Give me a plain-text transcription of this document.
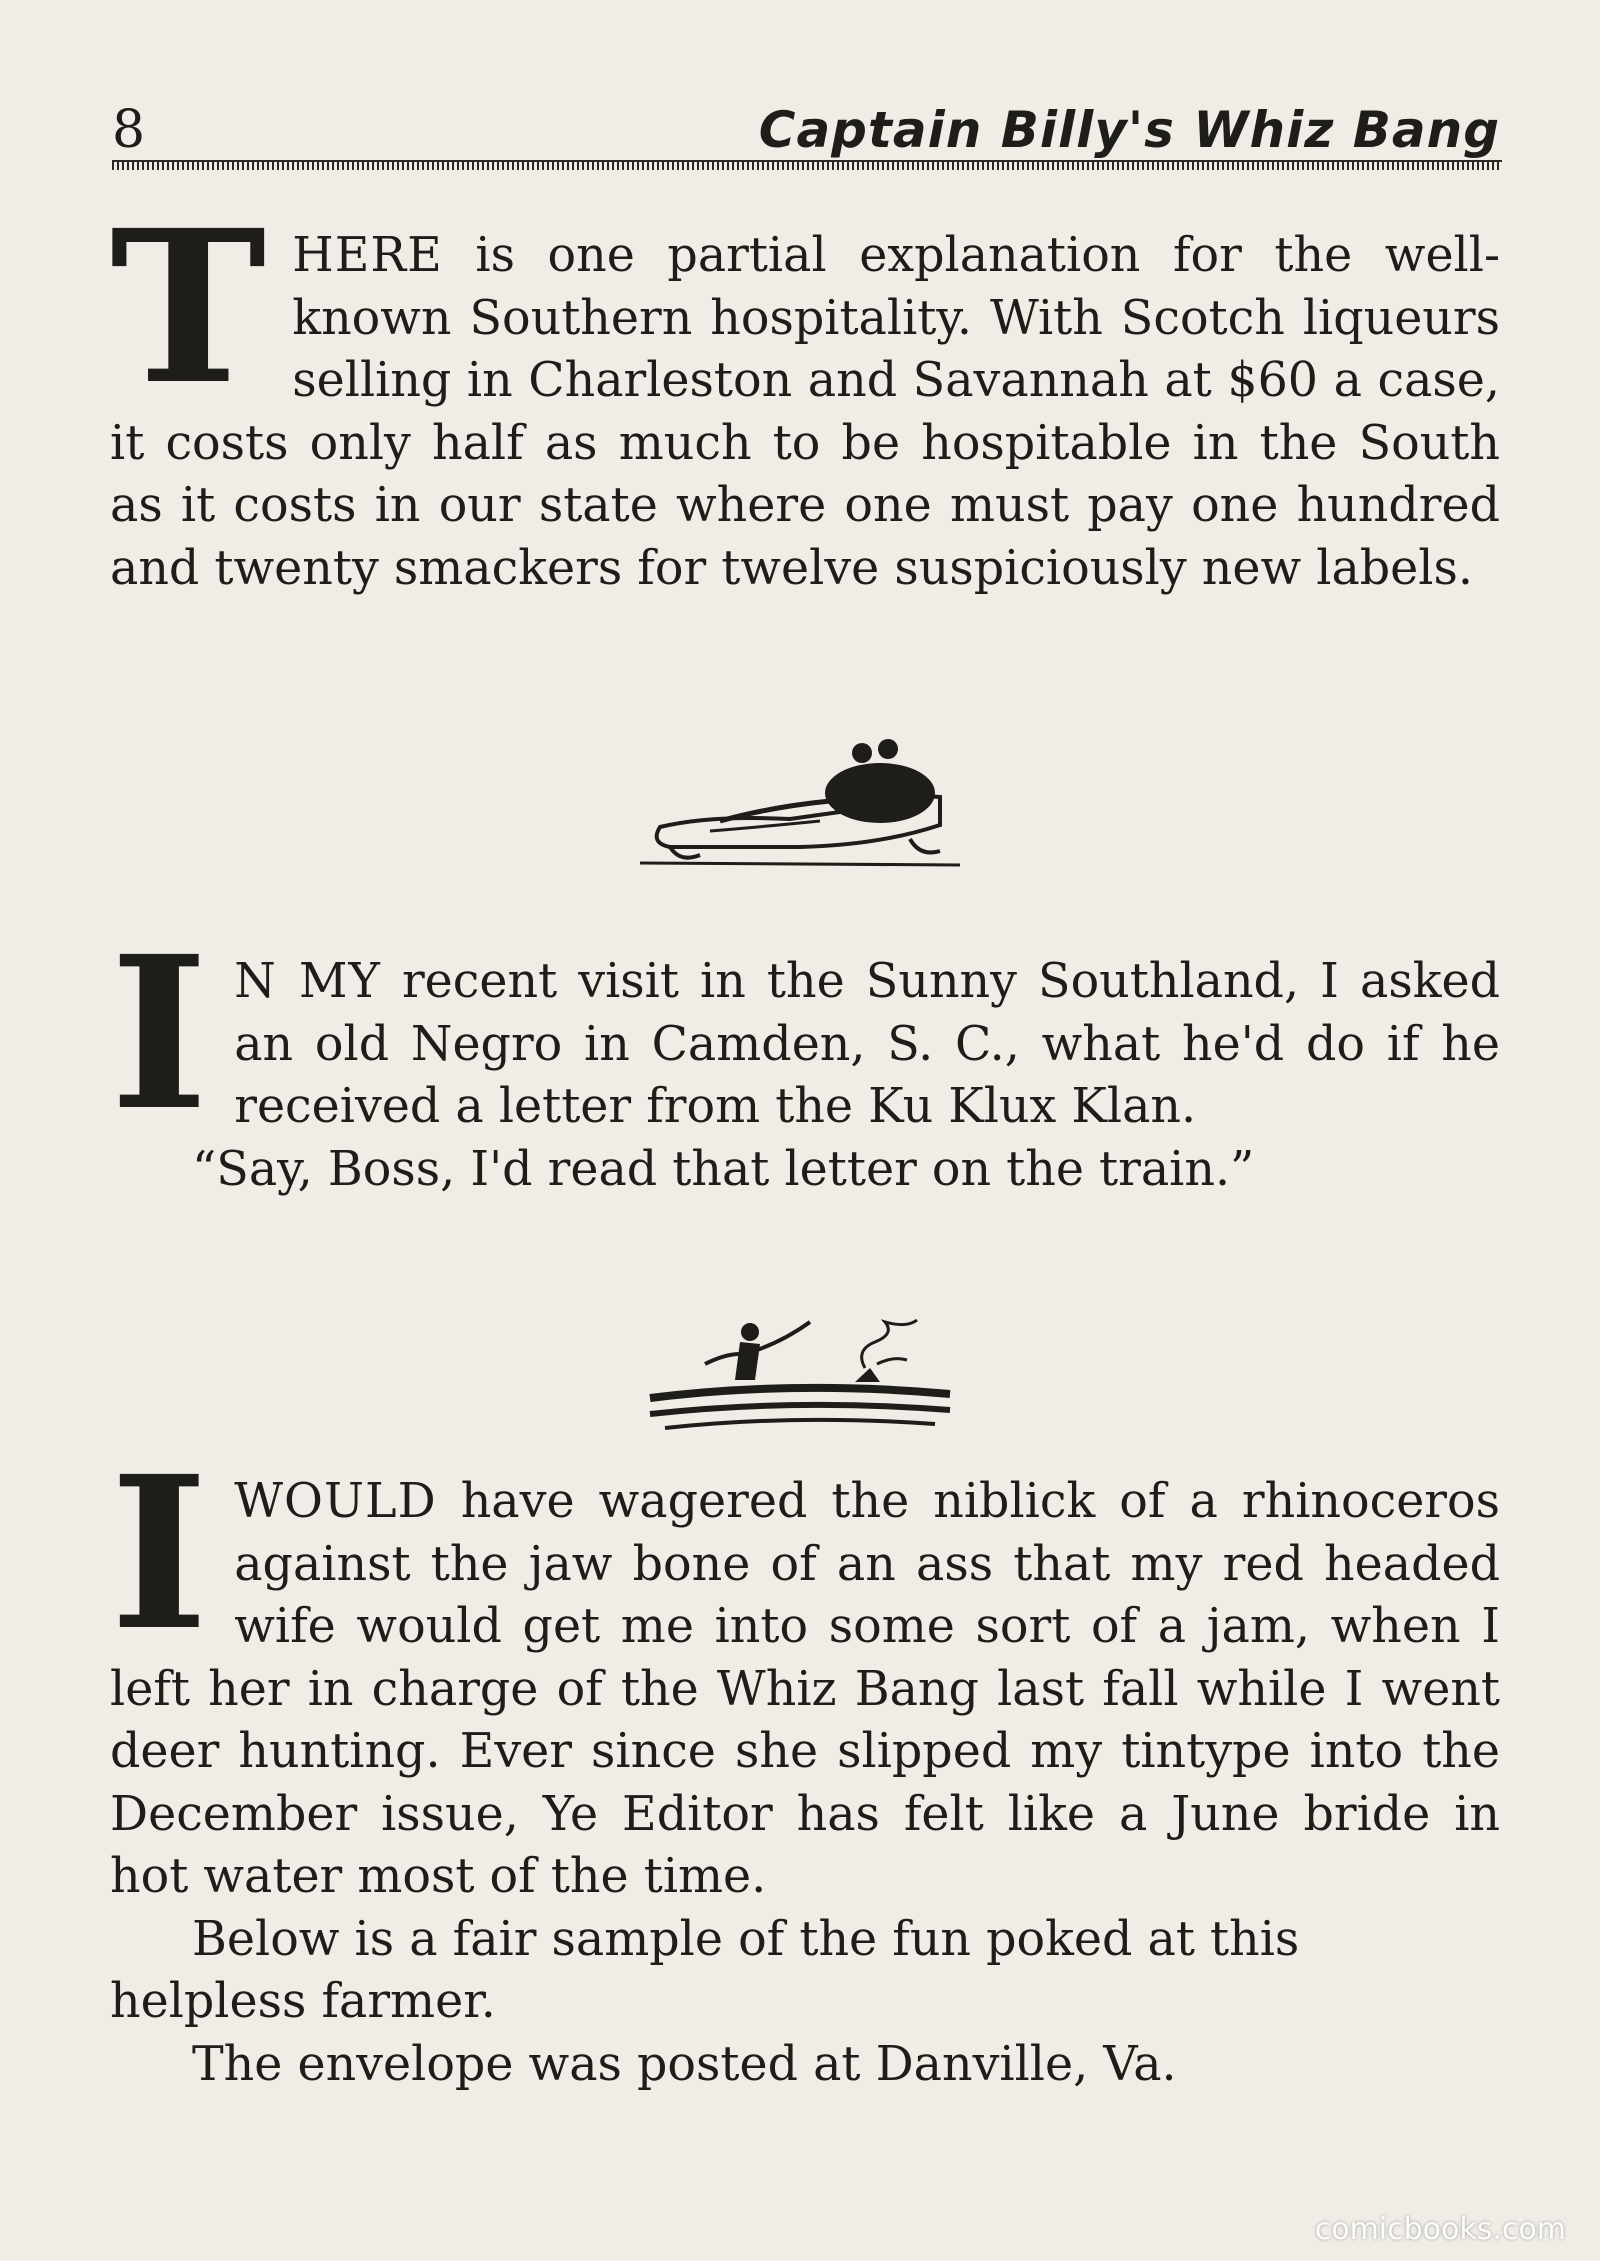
8	Captain Billy's Whiz Bang
T HERE is one partial explanation for the well-known Southern hospitality. With Scotch liqueurs selling in Charleston and Savannah at $60 a case, it costs only half as much to be hospitable in the South as it costs in our state where one must pay one hundred and twenty smackers for twelve suspiciously new labels.

I N MY recent visit in the Sunny Southland, I asked an old Negro in Camden, S. C., what he'd do if he received a letter from the Ku Klux Klan.

“Say, Boss, I'd read that letter on the train.”

I WOULD have wagered the niblick of a rhinoceros against the jaw bone of an ass that my red headed wife would get me into some sort of a jam, when I left her in charge of the Whiz Bang last fall while I went deer hunting. Ever since she slipped my tintype into the December issue, Ye Editor has felt like a June bride in hot water most of the time.

Below is a fair sample of the fun poked at this helpless farmer.

The envelope was posted at Danville, Va.

comicbooks.com
